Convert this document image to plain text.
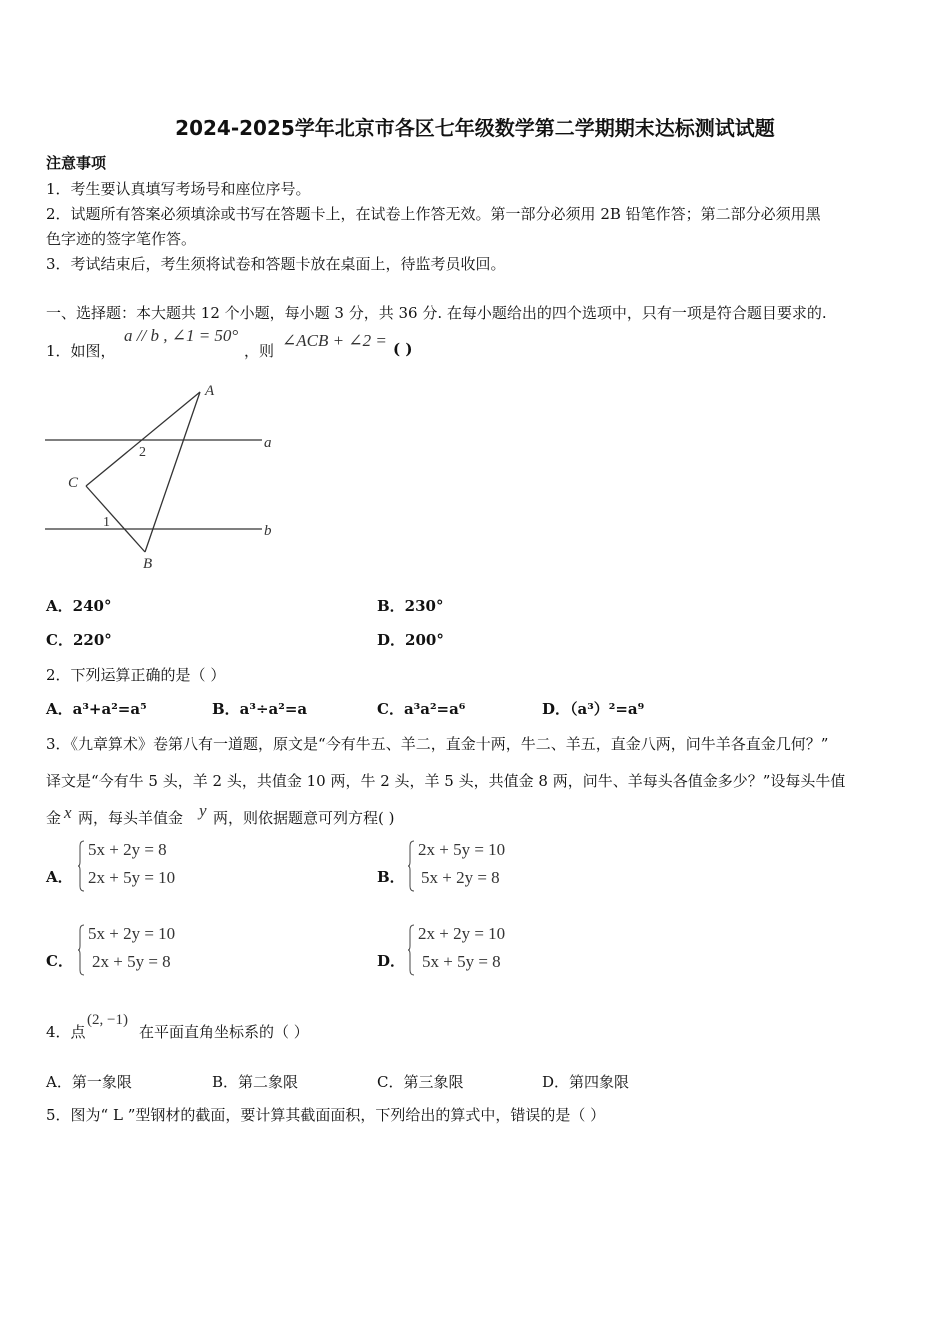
2024-2025学年北京市各区七年级数学第二学期期末达标测试试题
注意事项
1．考生要认真填写考场号和座位序号。
2．试题所有答案必须填涂或书写在答题卡上，在试卷上作答无效。第一部分必须用 2B 铅笔作答；第二部分必须用黑
色字迹的签字笔作答。
3．考试结束后，考生须将试卷和答题卡放在桌面上，待监考员收回。
一、选择题：本大题共 12 个小题，每小题 3 分，共 36 分. 在每小题给出的四个选项中，只有一项是符合题目要求的.
1．如图，
a // b , ∠1 = 50°
，则
∠ACB + ∠2 = ( )
A
B
C
a
b
2
1
A．240°	B．230°
C．220°	D．200°
2．下列运算正确的是（ ）
A．a³+a²=a⁵	B．a³÷a²=a	C．a³a²=a⁶	D．（a³）²=a⁹
3．《九章算术》卷第八有一道题，原文是“今有牛五、羊二，直金十两，牛二、羊五，直金八两，问牛羊各直金几何？”
译文是“今有牛 5 头，羊 2 头，共值金 10 两，牛 2 头，羊 5 头，共值金 8 两，问牛、羊每头各值金多少？”设每头牛值
金 x 两，每头羊值金 y 两，则依据题意可列方程( )
A．
5x + 2y = 8
2x + 5y = 10	B．
2x + 5y = 10
5x + 2y = 8
C．
5x + 2y = 10
2x + 5y = 8	D．
2x + 2y = 10
5x + 5y = 8
4．点
(2, −1)
在平面直角坐标系的（ ）
A．第一象限	B．第二象限	C．第三象限	D．第四象限
5．图为“ L ”型钢材的截面，要计算其截面面积，下列给出的算式中，错误的是（ ）
